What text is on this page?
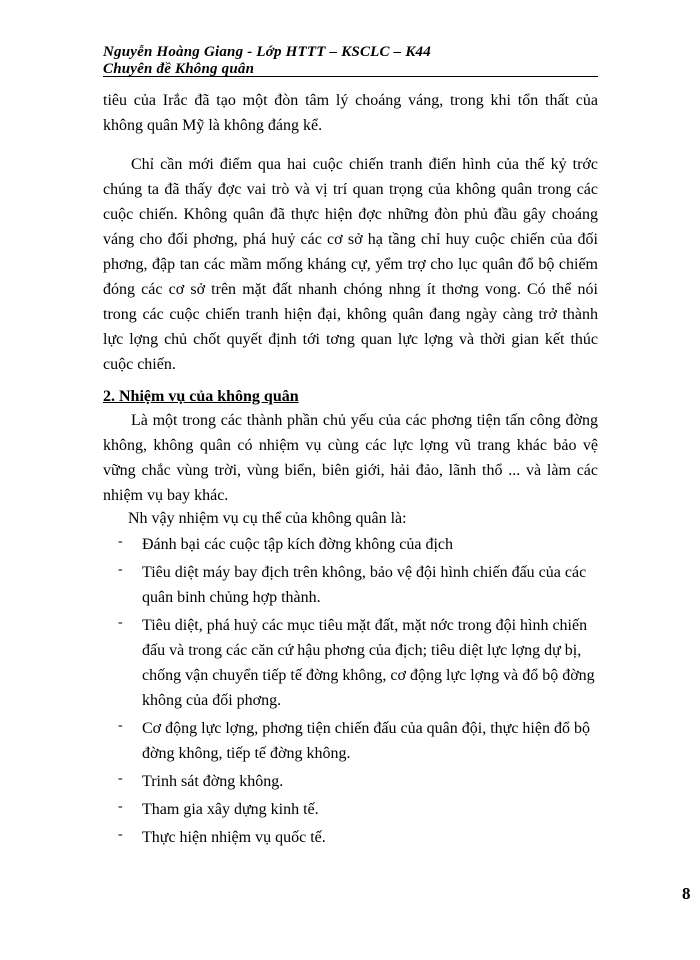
Nguyễn Hoàng Giang - Lớp HTTT – KSCLC – K44
Chuyên đề Không quân

tiêu của Irắc đã tạo một đòn tâm lý choáng váng, trong khi tổn thất của không quân Mỹ là không đáng kể.

Chỉ cần mới điểm qua hai cuộc chiến tranh điển hình của thế kỷ trớc chúng ta đã thấy đợc vai trò và vị trí quan trọng của không quân trong các cuộc chiến. Không quân đã thực hiện đợc những đòn phủ đầu gây choáng váng cho đối phơng, phá huỷ các cơ sở hạ tầng chỉ huy cuộc chiến của đối phơng, đập tan các mầm mống kháng cự, yểm trợ cho lục quân đổ bộ chiếm đóng các cơ sở trên mặt đất nhanh chóng nhng ít thơng vong. Có thể nói trong các cuộc chiến tranh hiện đại, không quân đang ngày càng trở thành lực lợng chủ chốt quyết định tới tơng quan lực lợng và thời gian kết thúc cuộc chiến.

2. Nhiệm vụ của không quân

Là một trong các thành phần chủ yếu của các phơng tiện tấn công đờng không, không quân có nhiệm vụ cùng các lực lợng vũ trang khác bảo vệ vững chắc vùng trời, vùng biển, biên giới, hải đảo, lãnh thổ ... và làm các nhiệm vụ bay khác.

Nh vậy nhiệm vụ cụ thể của không quân là:
- Đánh bại các cuộc tập kích đờng không của địch
- Tiêu diệt máy bay địch trên không, bảo vệ đội hình chiến đấu của các quân binh chủng hợp thành.
- Tiêu diệt, phá huỷ các mục tiêu mặt đất, mặt nớc trong đội hình chiến đấu và trong các căn cứ hậu phơng của địch; tiêu diệt lực lợng dự bị, chống vận chuyển tiếp tế đờng không, cơ động lực lợng và đổ bộ đờng không của đối phơng.
- Cơ động lực lợng, phơng tiện chiến đấu của quân đội, thực hiện đổ bộ đờng không, tiếp tế đờng không.
- Trinh sát đờng không.
- Tham gia xây dựng kinh tế.
- Thực hiện nhiệm vụ quốc tế.
8
